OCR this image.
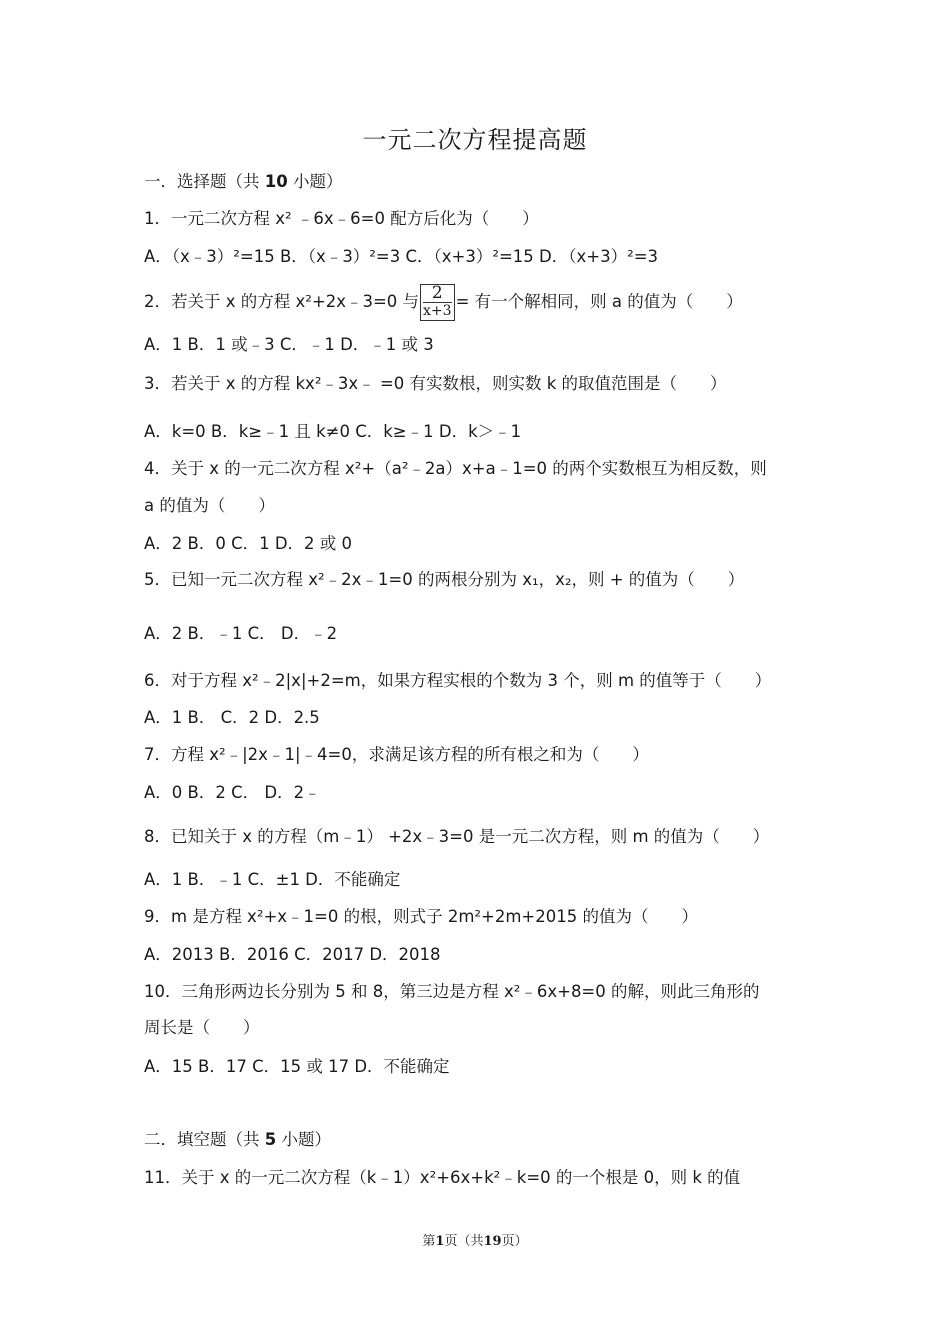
一元二次方程提高题
一．选择题（共 10 小题）
1．一元二次方程 x² ﹣6x﹣6=0 配方后化为（　　）
A．（x﹣3）²=15 B．（x﹣3）²=3 C．（x+3）²=15 D．（x+3）²=3
2．若关于 x 的方程 x²+2x﹣3=0 与 $\frac{2}{x+3}$ = 有一个解相同，则 a 的值为（　　）
A．1 B．1 或﹣3 C．﹣1 D．﹣1 或 3
3．若关于 x 的方程 kx²﹣3x﹣ =0 有实数根，则实数 k 的取值范围是（　　）
A．k=0 B．k≥﹣1 且 k≠0 C．k≥﹣1 D．k＞﹣1
4．关于 x 的一元二次方程 x²+（a²﹣2a）x+a﹣1=0 的两个实数根互为相反数，则
a 的值为（　　）
A．2 B．0 C．1 D．2 或 0
5．已知一元二次方程 x²﹣2x﹣1=0 的两根分别为 x₁，x₂，则 + 的值为（　　）
A．2 B．﹣1 C． D．﹣2
6．对于方程 x²﹣2|x|+2=m，如果方程实根的个数为 3 个，则 m 的值等于（　　）
A．1 B． C．2 D．2.5
7．方程 x²﹣|2x﹣1|﹣4=0，求满足该方程的所有根之和为（　　）
A．0 B．2 C． D．2﹣
8．已知关于 x 的方程（m﹣1） +2x﹣3=0 是一元二次方程，则 m 的值为（　　）
A．1 B．﹣1 C．±1 D．不能确定
9．m 是方程 x²+x﹣1=0 的根，则式子 2m²+2m+2015 的值为（　　）
A．2013 B．2016 C．2017 D．2018
10．三角形两边长分别为 5 和 8，第三边是方程 x²﹣6x+8=0 的解，则此三角形的
周长是（　　）
A．15 B．17 C．15 或 17 D．不能确定
二．填空题（共 5 小题）
11．关于 x 的一元二次方程（k﹣1）x²+6x+k²﹣k=0 的一个根是 0，则 k 的值
第1页（共19页）
